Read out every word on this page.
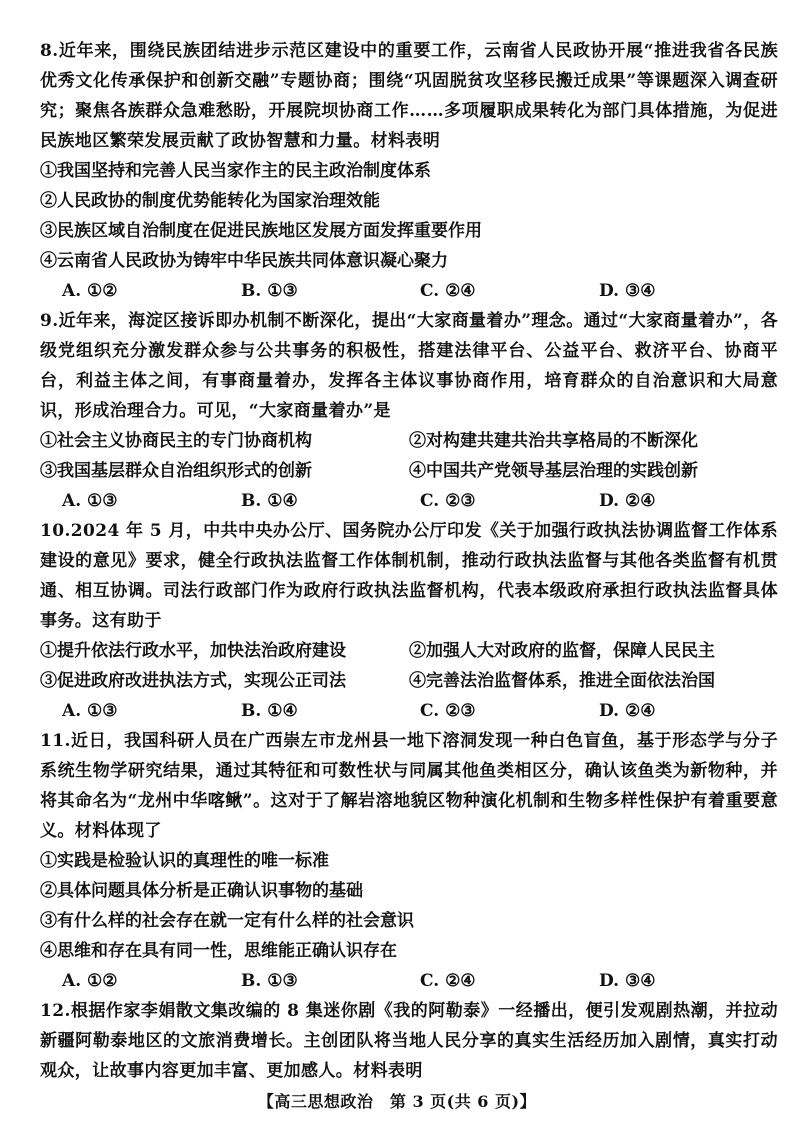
8.近年来，围绕民族团结进步示范区建设中的重要工作，云南省人民政协开展“推进我省各民族优秀文化传承保护和创新交融”专题协商；围绕“巩固脱贫攻坚移民搬迁成果”等课题深入调查研究；聚焦各族群众急难愁盼，开展院坝协商工作……多项履职成果转化为部门具体措施，为促进民族地区繁荣发展贡献了政协智慧和力量。材料表明
①我国坚持和完善人民当家作主的民主政治制度体系
②人民政协的制度优势能转化为国家治理效能
③民族区域自治制度在促进民族地区发展方面发挥重要作用
④云南省人民政协为铸牢中华民族共同体意识凝心聚力
A. ①②	B. ①③	C. ②④	D. ③④
9.近年来，海淀区接诉即办机制不断深化，提出“大家商量着办”理念。通过“大家商量着办”，各级党组织充分激发群众参与公共事务的积极性，搭建法律平台、公益平台、救济平台、协商平台，利益主体之间，有事商量着办，发挥各主体议事协商作用，培育群众的自治意识和大局意识，形成治理合力。可见，“大家商量着办”是
①社会主义协商民主的专门协商机构	②对构建共建共治共享格局的不断深化
③我国基层群众自治组织形式的创新	④中国共产党领导基层治理的实践创新
A. ①③	B. ①④	C. ②③	D. ②④
10.2024 年 5 月，中共中央办公厅、国务院办公厅印发《关于加强行政执法协调监督工作体系建设的意见》要求，健全行政执法监督工作体制机制，推动行政执法监督与其他各类监督有机贯通、相互协调。司法行政部门作为政府行政执法监督机构，代表本级政府承担行政执法监督具体事务。这有助于
①提升依法行政水平，加快法治政府建设	②加强人大对政府的监督，保障人民民主
③促进政府改进执法方式，实现公正司法	④完善法治监督体系，推进全面依法治国
A. ①③	B. ①④	C. ②③	D. ②④
11.近日，我国科研人员在广西崇左市龙州县一地下溶洞发现一种白色盲鱼，基于形态学与分子系统生物学研究结果，通过其特征和可数性状与同属其他鱼类相区分，确认该鱼类为新物种，并将其命名为“龙州中华喀鳅”。这对于了解岩溶地貌区物种演化机制和生物多样性保护有着重要意义。材料体现了
①实践是检验认识的真理性的唯一标准
②具体问题具体分析是正确认识事物的基础
③有什么样的社会存在就一定有什么样的社会意识
④思维和存在具有同一性，思维能正确认识存在
A. ①②	B. ①③	C. ②④	D. ③④
12.根据作家李娟散文集改编的 8 集迷你剧《我的阿勒泰》一经播出，便引发观剧热潮，并拉动新疆阿勒泰地区的文旅消费增长。主创团队将当地人民分享的真实生活经历加入剧情，真实打动观众，让故事内容更加丰富、更加感人。材料表明
【高三思想政治　第 3 页(共 6 页)】
